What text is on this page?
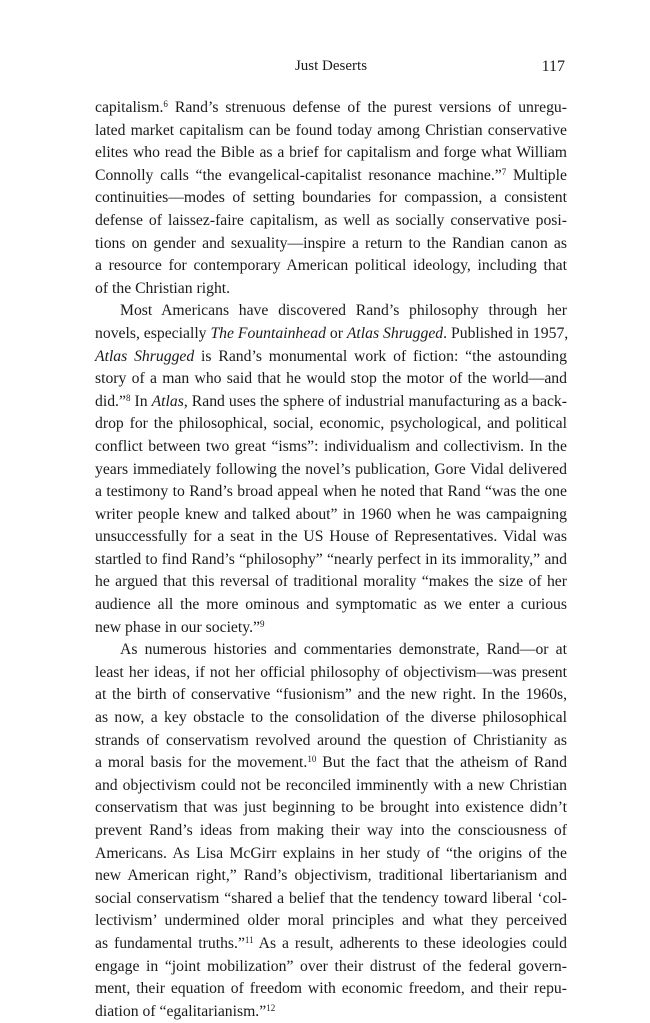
Just Deserts	117
capitalism.$^6$ Rand’s strenuous defense of the purest versions of unregu-
lated market capitalism can be found today among Christian conservative
elites who read the Bible as a brief for capitalism and forge what William
Connolly calls “the evangelical-capitalist resonance machine.”$^7$ Multiple
continuities—modes of setting boundaries for compassion, a consistent
defense of laissez-faire capitalism, as well as socially conservative posi-
tions on gender and sexuality—inspire a return to the Randian canon as
a resource for contemporary American political ideology, including that
of the Christian right.
Most Americans have discovered Rand’s philosophy through her
novels, especially The Fountainhead or Atlas Shrugged. Published in 1957,
Atlas Shrugged is Rand’s monumental work of fiction: “the astounding
story of a man who said that he would stop the motor of the world—and
did.”$^8$ In Atlas, Rand uses the sphere of industrial manufacturing as a back-
drop for the philosophical, social, economic, psychological, and political
conflict between two great “isms”: individualism and collectivism. In the
years immediately following the novel’s publication, Gore Vidal delivered
a testimony to Rand’s broad appeal when he noted that Rand “was the one
writer people knew and talked about” in 1960 when he was campaigning
unsuccessfully for a seat in the US House of Representatives. Vidal was
startled to find Rand’s “philosophy” “nearly perfect in its immorality,” and
he argued that this reversal of traditional morality “makes the size of her
audience all the more ominous and symptomatic as we enter a curious
new phase in our society.”$^9$
As numerous histories and commentaries demonstrate, Rand—or at
least her ideas, if not her official philosophy of objectivism—was present
at the birth of conservative “fusionism” and the new right. In the 1960s,
as now, a key obstacle to the consolidation of the diverse philosophical
strands of conservatism revolved around the question of Christianity as
a moral basis for the movement.$^{10}$ But the fact that the atheism of Rand
and objectivism could not be reconciled imminently with a new Christian
conservatism that was just beginning to be brought into existence didn’t
prevent Rand’s ideas from making their way into the consciousness of
Americans. As Lisa McGirr explains in her study of “the origins of the
new American right,” Rand’s objectivism, traditional libertarianism and
social conservatism “shared a belief that the tendency toward liberal ‘col-
lectivism’ undermined older moral principles and what they perceived
as fundamental truths.”$^{11}$ As a result, adherents to these ideologies could
engage in “joint mobilization” over their distrust of the federal govern-
ment, their equation of freedom with economic freedom, and their repu-
diation of “egalitarianism.”$^{12}$
